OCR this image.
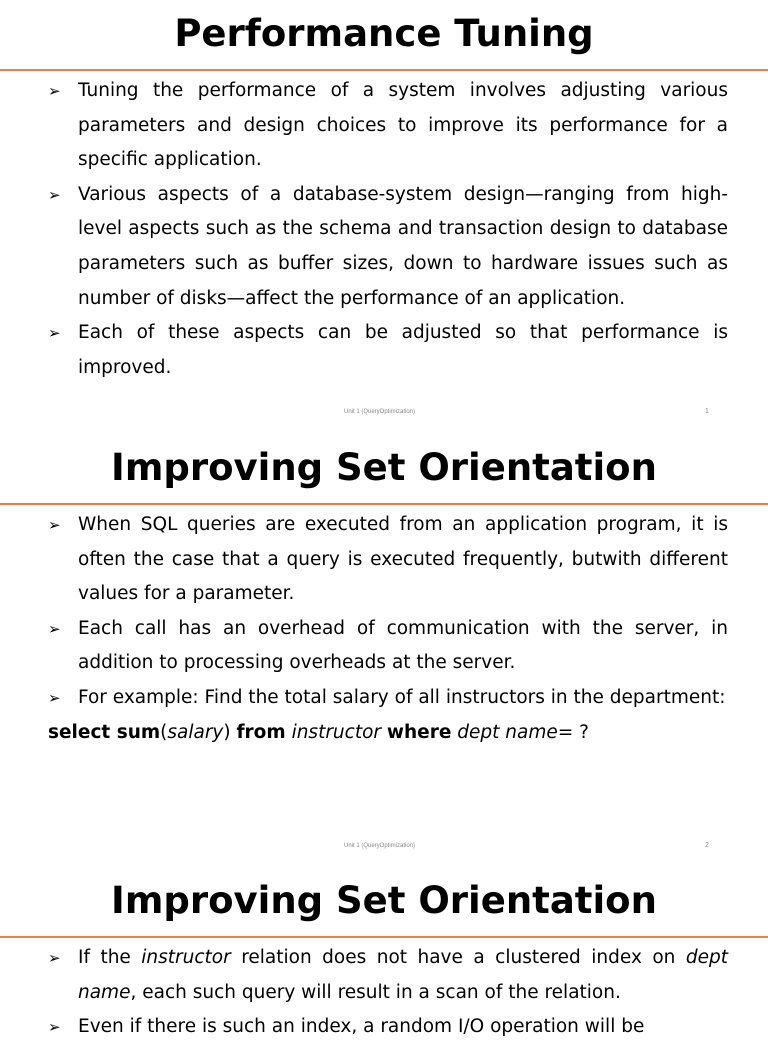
Performance Tuning
➢ Tuning the performance of a system involves adjusting various parameters and design choices to improve its performance for a specific application.
➢ Various aspects of a database-system design—ranging from high-level aspects such as the schema and transaction design to database parameters such as buffer sizes, down to hardware issues such as number of disks—affect the performance of an application.
➢ Each of these aspects can be adjusted so that performance is improved.
Unit 1 (QueryOptimization)	1
Improving Set Orientation
➢ When SQL queries are executed from an application program, it is often the case that a query is executed frequently, butwith different values for a parameter.
➢ Each call has an overhead of communication with the server, in addition to processing overheads at the server.
➢ For example: Find the total salary of all instructors in the department:
select sum(salary) from instructor where dept name= ?
Unit 1 (QueryOptimization)	2
Improving Set Orientation
➢ If the instructor relation does not have a clustered index on dept name, each such query will result in a scan of the relation.
➢ Even if there is such an index, a random I/O operation will be
